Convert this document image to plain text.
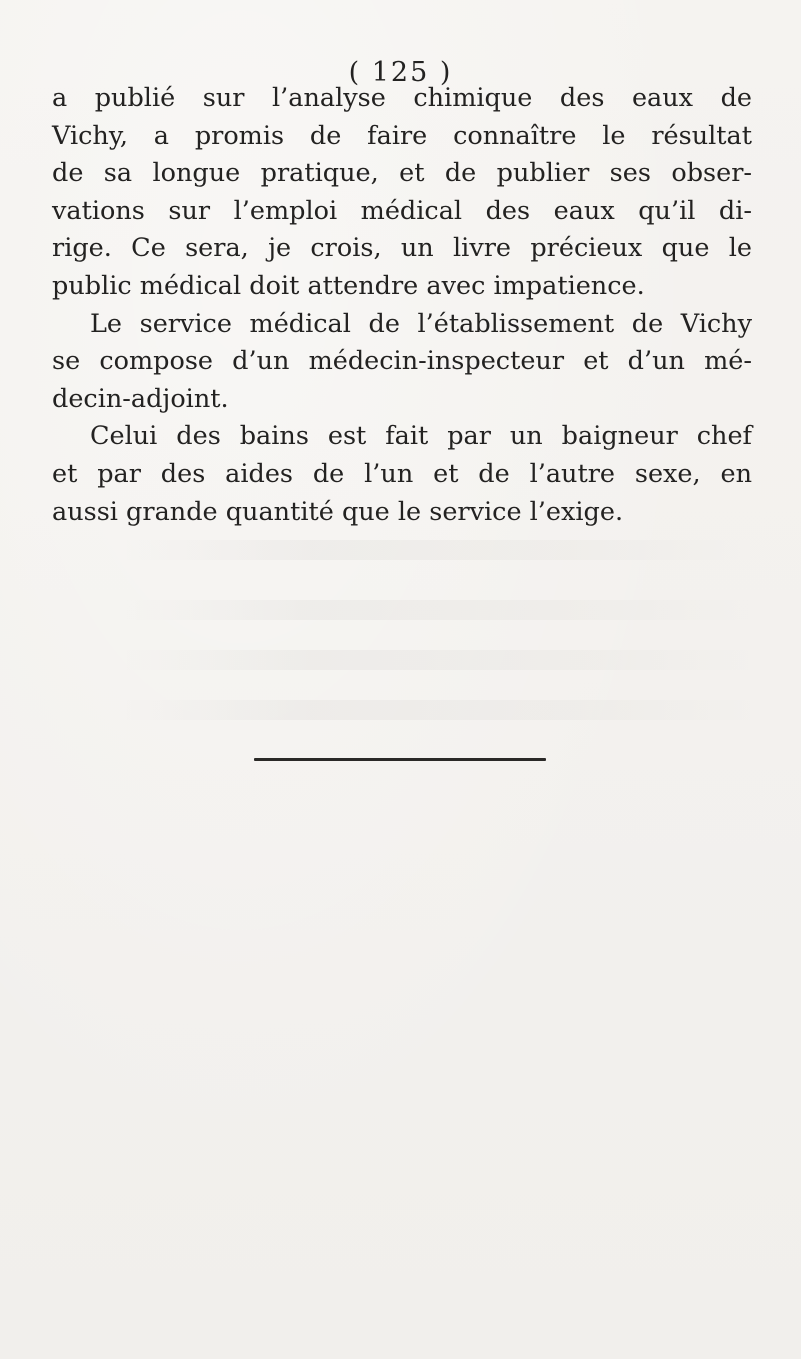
( 125 )
a publié sur l’analyse chimique des eaux de
Vichy, a promis de faire connaître le résultat
de sa longue pratique, et de publier ses obser-
vations sur l’emploi médical des eaux qu’il di-
rige. Ce sera, je crois, un livre précieux que le
public médical doit attendre avec impatience.
Le service médical de l’établissement de Vichy
se compose d’un médecin-inspecteur et d’un mé-
decin-adjoint.
Celui des bains est fait par un baigneur chef
et par des aides de l’un et de l’autre sexe, en
aussi grande quantité que le service l’exige.
